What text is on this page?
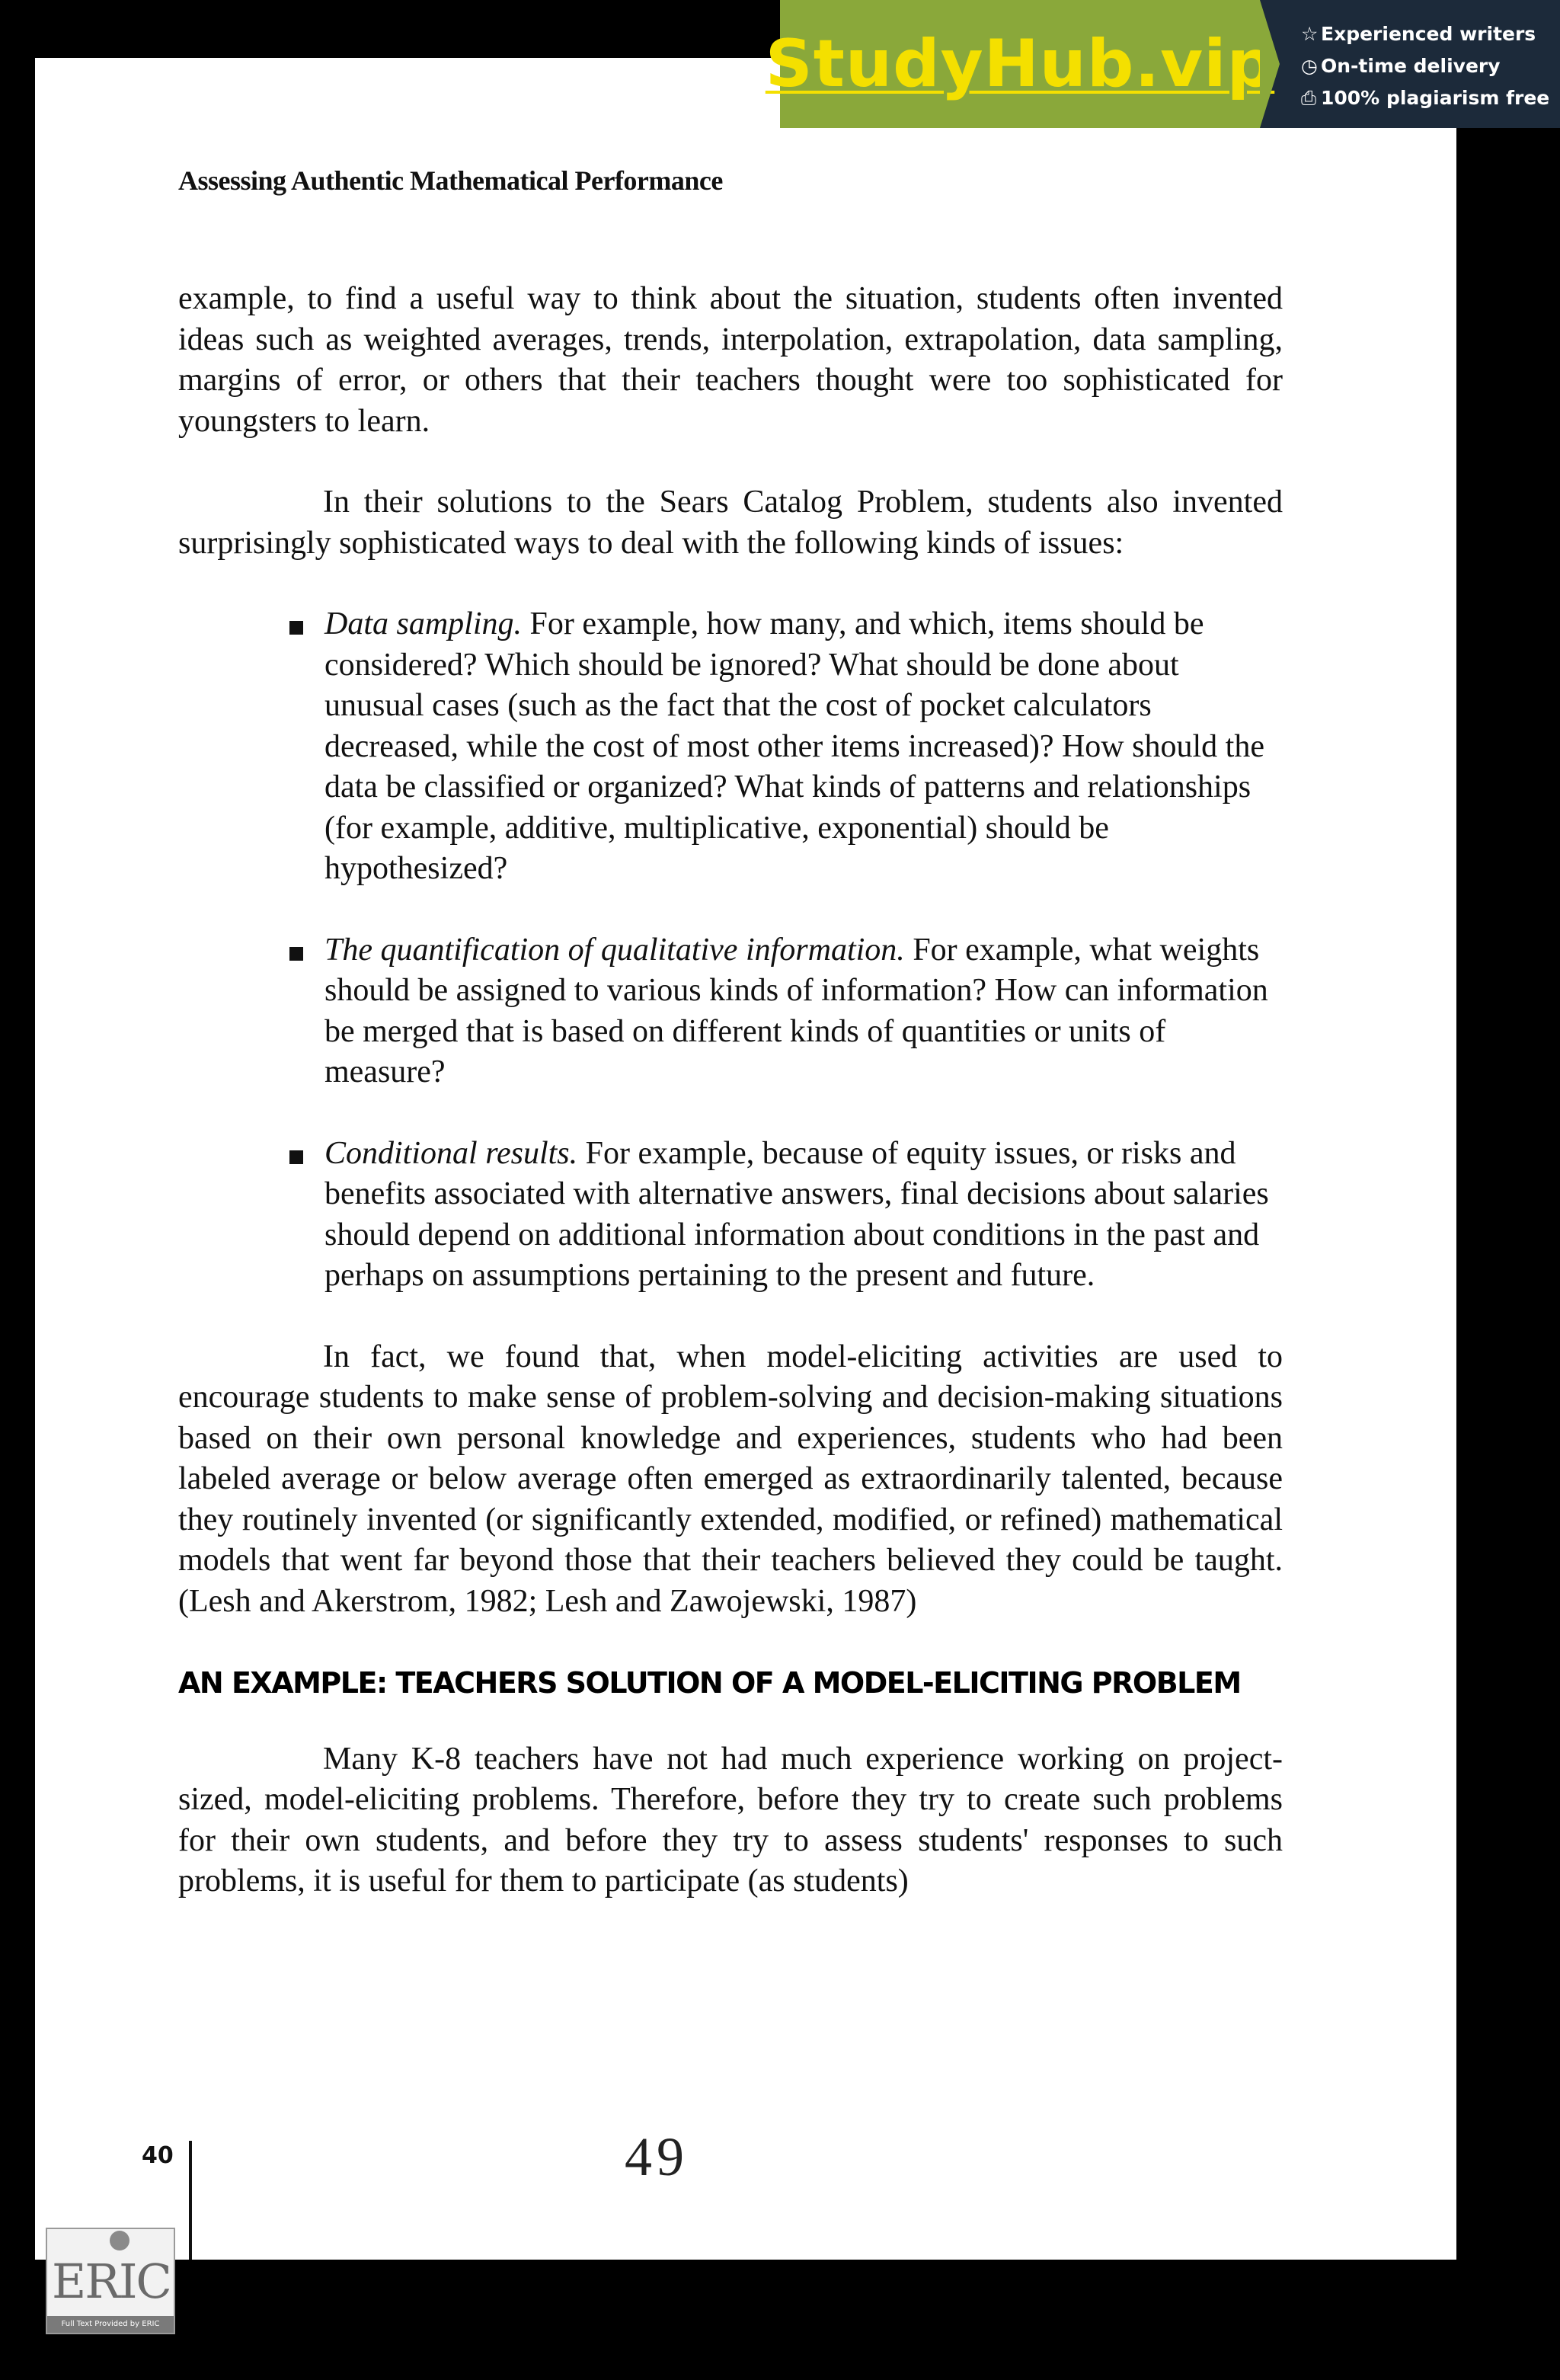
StudyHub.vip ☆ Experienced writers
◷ On-time delivery
⎙ 100% plagiarism free
Assessing Authentic Mathematical Performance

example, to find a useful way to think about the situation, students often invented ideas such as weighted averages, trends, interpolation, extrapolation, data sampling, margins of error, or others that their teachers thought were too sophisticated for youngsters to learn.

In their solutions to the Sears Catalog Problem, students also invented surprisingly sophisticated ways to deal with the following kinds of issues:

Data sampling. For example, how many, and which, items should be considered? Which should be ignored? What should be done about unusual cases (such as the fact that the cost of pocket calculators decreased, while the cost of most other items increased)? How should the data be classified or organized? What kinds of patterns and relationships (for example, additive, multiplicative, exponential) should be hypothesized?

The quantification of qualitative information. For example, what weights should be assigned to various kinds of information? How can information be merged that is based on different kinds of quantities or units of measure?

Conditional results. For example, because of equity issues, or risks and benefits associated with alternative answers, final decisions about salaries should depend on additional information about conditions in the past and perhaps on assumptions pertaining to the present and future.

In fact, we found that, when model-eliciting activities are used to encourage students to make sense of problem-solving and decision-making situations based on their own personal knowledge and experiences, students who had been labeled average or below average often emerged as extraordinarily talented, because they routinely invented (or significantly extended, modified, or refined) mathematical models that went far beyond those that their teachers believed they could be taught. (Lesh and Akerstrom, 1982; Lesh and Zawojewski, 1987)

AN EXAMPLE: TEACHERS SOLUTION OF A MODEL-ELICITING PROBLEM

Many K-8 teachers have not had much experience working on project-sized, model-eliciting problems. Therefore, before they try to create such problems for their own students, and before they try to assess students' responses to such problems, it is useful for them to participate (as students)

40	49
ERIC
Full Text Provided by ERIC
